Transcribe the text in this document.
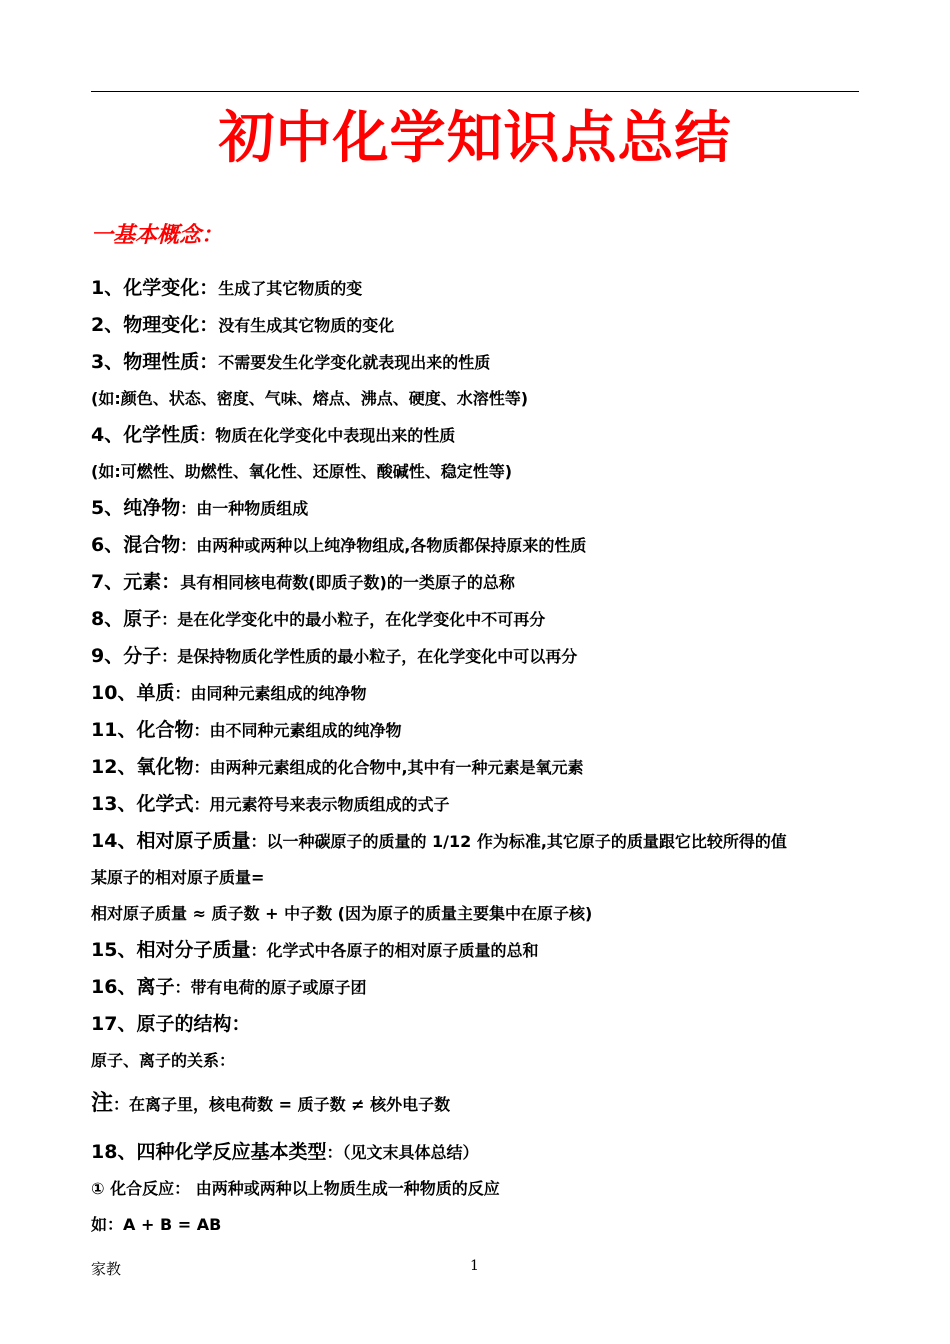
初中化学知识点总结
一基本概念：
1、化学变化：生成了其它物质的变
2、物理变化：没有生成其它物质的变化
3、物理性质：不需要发生化学变化就表现出来的性质
(如:颜色、状态、密度、气味、熔点、沸点、硬度、水溶性等)
4、化学性质：物质在化学变化中表现出来的性质
(如:可燃性、助燃性、氧化性、还原性、酸碱性、稳定性等)
5、纯净物：由一种物质组成
6、混合物：由两种或两种以上纯净物组成,各物质都保持原来的性质
7、元素：具有相同核电荷数(即质子数)的一类原子的总称
8、原子：是在化学变化中的最小粒子，在化学变化中不可再分
9、分子：是保持物质化学性质的最小粒子，在化学变化中可以再分
10、单质：由同种元素组成的纯净物
11、化合物：由不同种元素组成的纯净物
12、氧化物：由两种元素组成的化合物中,其中有一种元素是氧元素
13、化学式：用元素符号来表示物质组成的式子
14、相对原子质量：以一种碳原子的质量的 1/12 作为标准,其它原子的质量跟它比较所得的值
某原子的相对原子质量=
相对原子质量 ≈ 质子数 + 中子数 (因为原子的质量主要集中在原子核)
15、相对分子质量：化学式中各原子的相对原子质量的总和
16、离子：带有电荷的原子或原子团
17、原子的结构：
原子、离子的关系：
注：在离子里，核电荷数 = 质子数 ≠ 核外电子数
18、四种化学反应基本类型：（见文末具体总结）
① 化合反应： 由两种或两种以上物质生成一种物质的反应
如：A + B = AB
家教	1
